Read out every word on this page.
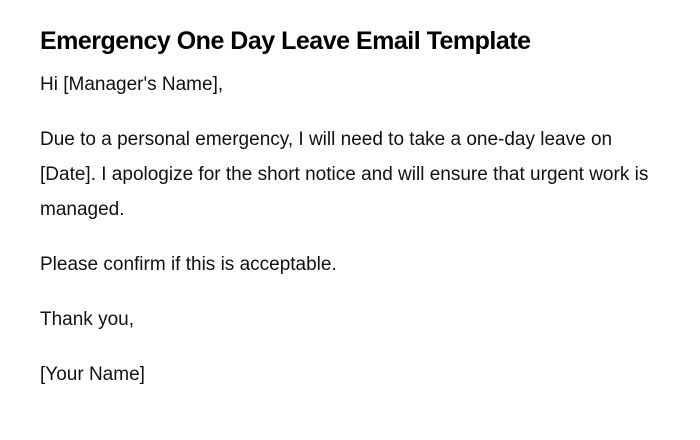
Emergency One Day Leave Email Template

Hi [Manager's Name],

Due to a personal emergency, I will need to take a one-day leave on [Date]. I apologize for the short notice and will ensure that urgent work is managed.

Please confirm if this is acceptable.

Thank you,

[Your Name]
